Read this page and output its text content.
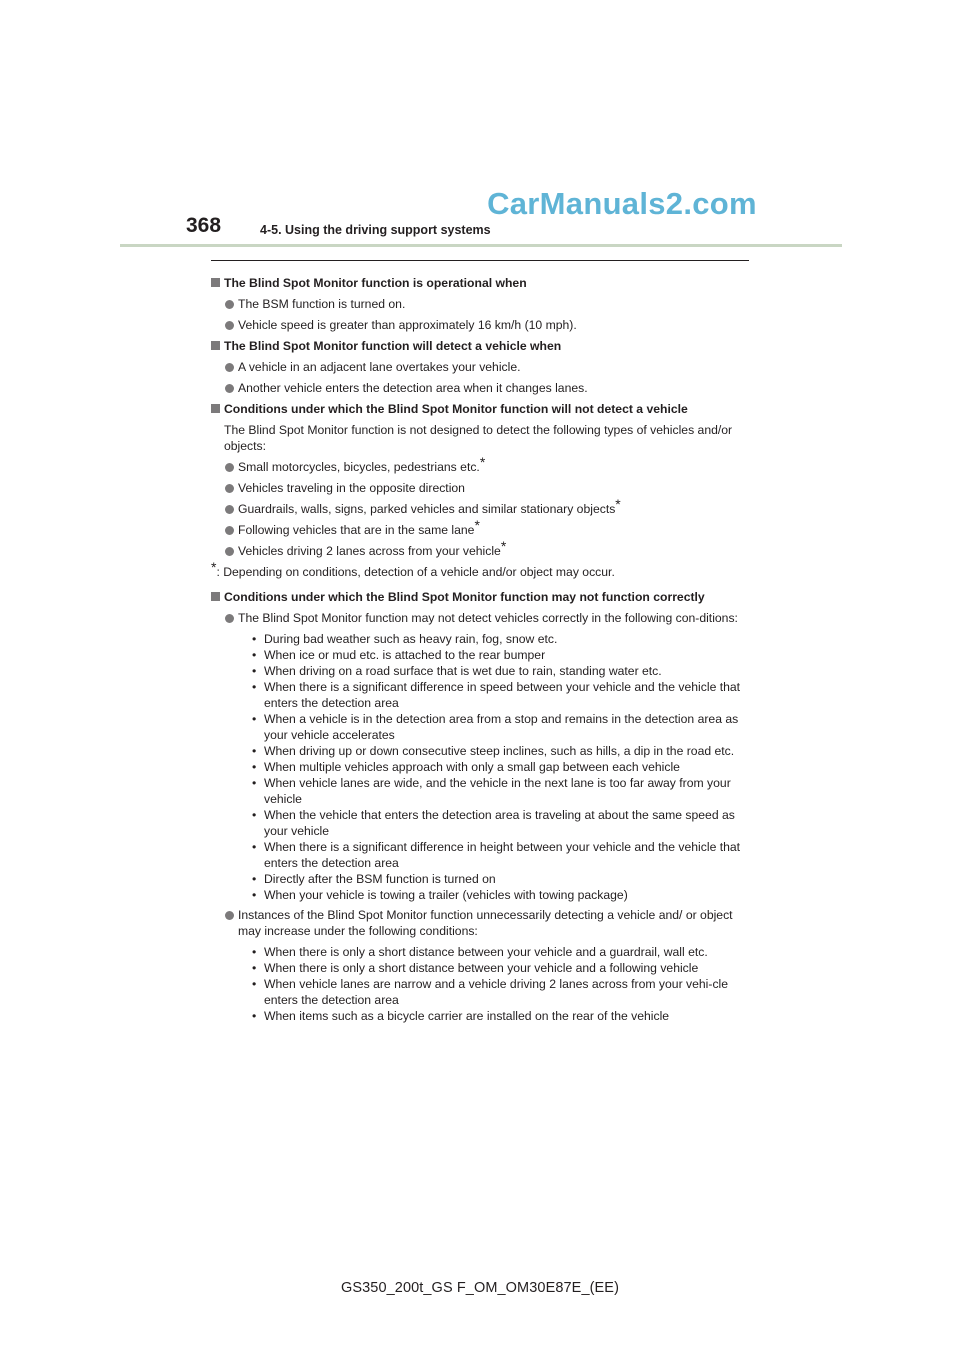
CarManuals2.com
368	4-5. Using the driving support systems
The Blind Spot Monitor function is operational when
The BSM function is turned on.
Vehicle speed is greater than approximately 16 km/h (10 mph).
The Blind Spot Monitor function will detect a vehicle when
A vehicle in an adjacent lane overtakes your vehicle.
Another vehicle enters the detection area when it changes lanes.
Conditions under which the Blind Spot Monitor function will not detect a vehicle
The Blind Spot Monitor function is not designed to detect the following types of vehicles and/or objects:
Small motorcycles, bicycles, pedestrians etc.*
Vehicles traveling in the opposite direction
Guardrails, walls, signs, parked vehicles and similar stationary objects*
Following vehicles that are in the same lane*
Vehicles driving 2 lanes across from your vehicle*
*: Depending on conditions, detection of a vehicle and/or object may occur.
Conditions under which the Blind Spot Monitor function may not function correctly
The Blind Spot Monitor function may not detect vehicles correctly in the following con-ditions:
• During bad weather such as heavy rain, fog, snow etc.
• When ice or mud etc. is attached to the rear bumper
• When driving on a road surface that is wet due to rain, standing water etc.
• When there is a significant difference in speed between your vehicle and the vehicle that enters the detection area
• When a vehicle is in the detection area from a stop and remains in the detection area as your vehicle accelerates
• When driving up or down consecutive steep inclines, such as hills, a dip in the road etc.
• When multiple vehicles approach with only a small gap between each vehicle
• When vehicle lanes are wide, and the vehicle in the next lane is too far away from your vehicle
• When the vehicle that enters the detection area is traveling at about the same speed as your vehicle
• When there is a significant difference in height between your vehicle and the vehicle that enters the detection area
• Directly after the BSM function is turned on
• When your vehicle is towing a trailer (vehicles with towing package)
Instances of the Blind Spot Monitor function unnecessarily detecting a vehicle and/ or object may increase under the following conditions:
• When there is only a short distance between your vehicle and a guardrail, wall etc.
• When there is only a short distance between your vehicle and a following vehicle
• When vehicle lanes are narrow and a vehicle driving 2 lanes across from your vehi-cle enters the detection area
• When items such as a bicycle carrier are installed on the rear of the vehicle
GS350_200t_GS F_OM_OM30E87E_(EE)
